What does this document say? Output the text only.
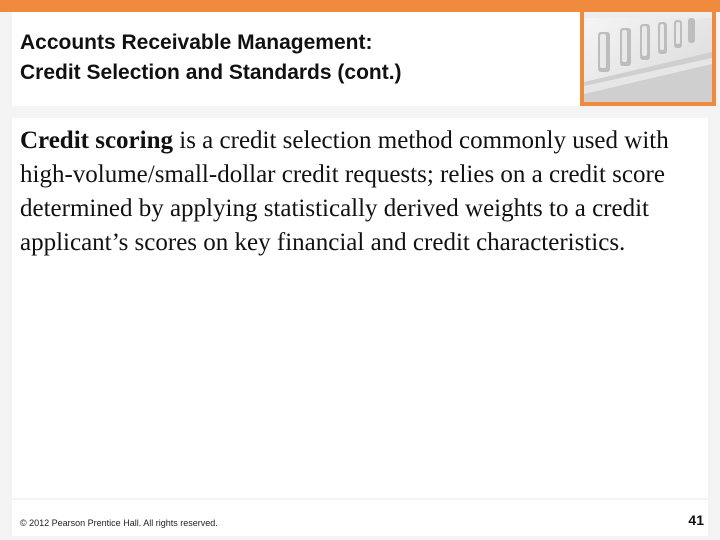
Accounts Receivable Management:
Credit Selection and Standards (cont.)
Credit scoring is a credit selection method commonly used with high-volume/small-dollar credit requests; relies on a credit score determined by applying statistically derived weights to a credit applicant’s scores on key financial and credit characteristics.
© 2012 Pearson Prentice Hall. All rights reserved.	41
